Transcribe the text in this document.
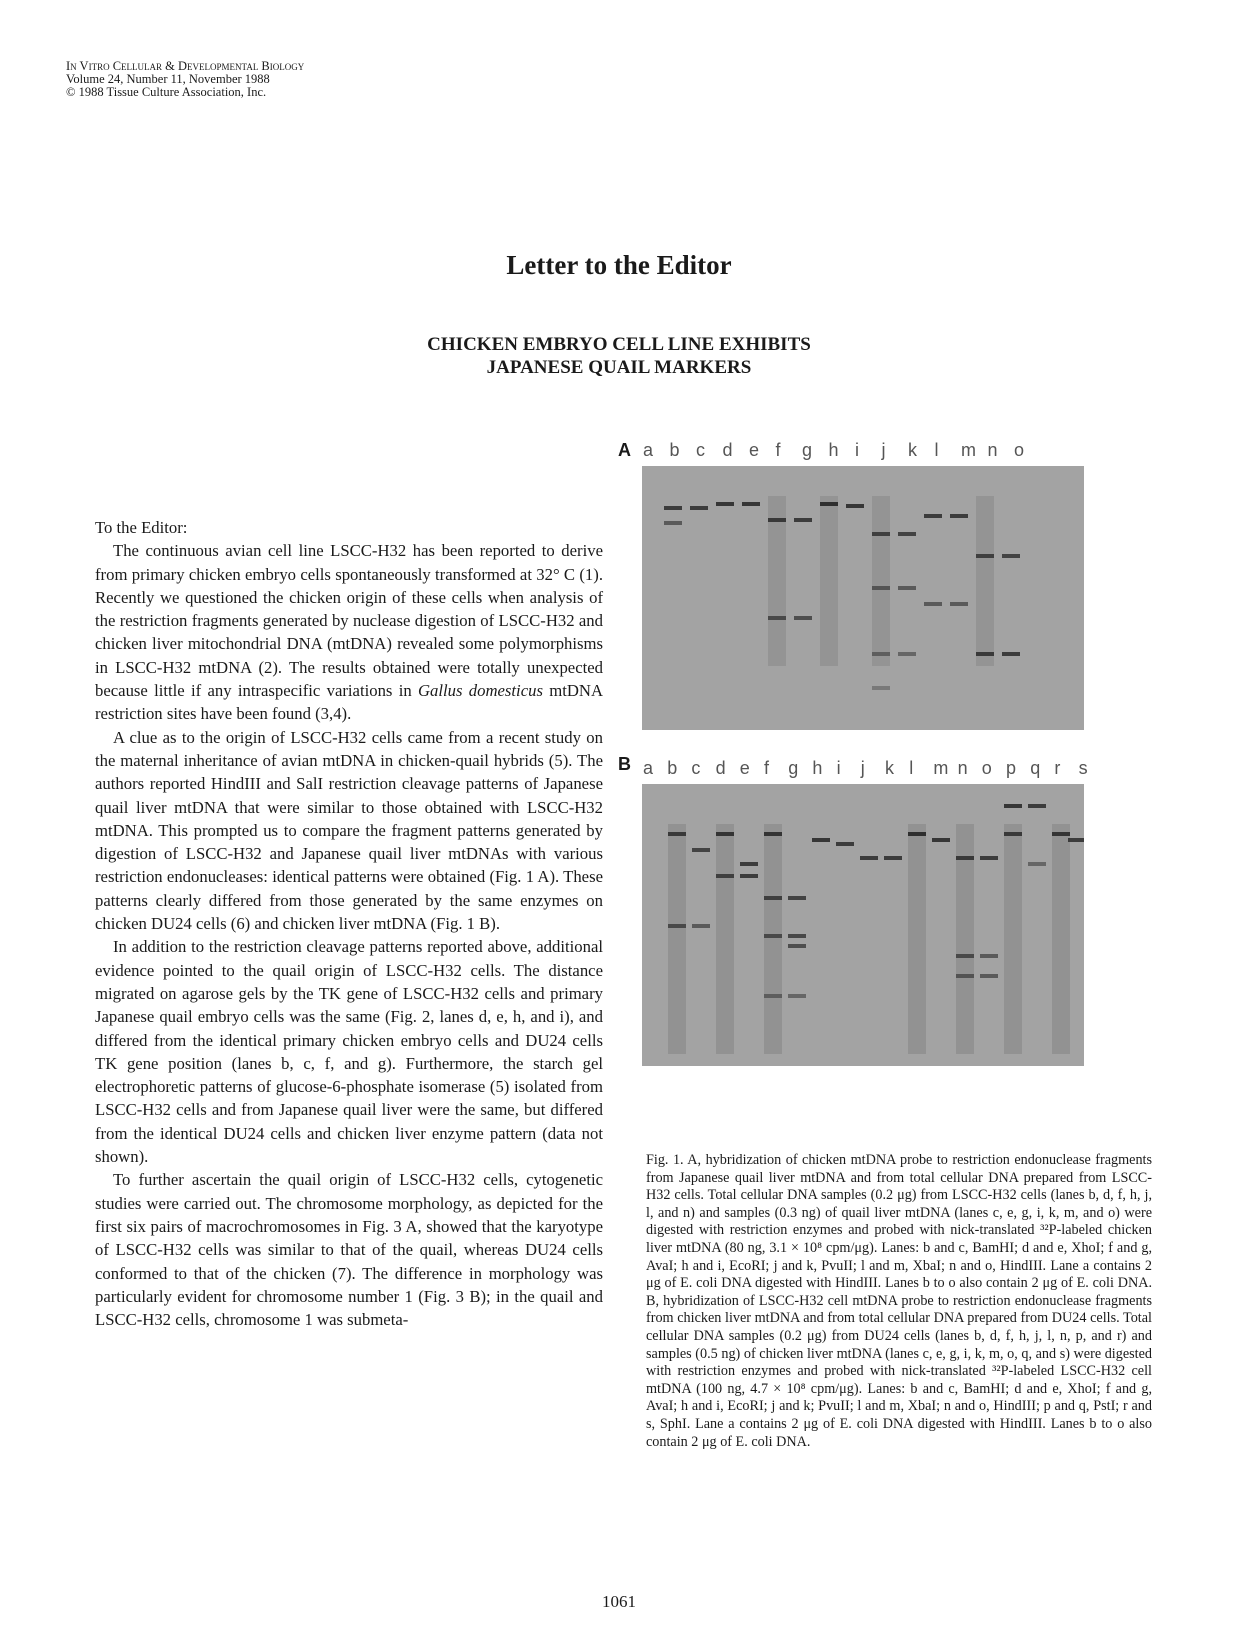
In Vitro Cellular & Developmental Biology
Volume 24, Number 11, November 1988
© 1988 Tissue Culture Association, Inc.
Letter to the Editor
CHICKEN EMBRYO CELL LINE EXHIBITS
JAPANESE QUAIL MARKERS

To the Editor:

The continuous avian cell line LSCC-H32 has been reported to derive from primary chicken embryo cells spontaneously transformed at 32° C (1). Recently we questioned the chicken origin of these cells when analysis of the restriction fragments generated by nuclease digestion of LSCC-H32 and chicken liver mitochondrial DNA (mtDNA) revealed some polymorphisms in LSCC-H32 mtDNA (2). The results obtained were totally unexpected because little if any intraspecific variations in Gallus domesticus mtDNA restriction sites have been found (3,4).

A clue as to the origin of LSCC-H32 cells came from a recent study on the maternal inheritance of avian mtDNA in chicken-quail hybrids (5). The authors reported HindIII and SalI restriction cleavage patterns of Japanese quail liver mtDNA that were similar to those obtained with LSCC-H32 mtDNA. This prompted us to compare the fragment patterns generated by digestion of LSCC-H32 and Japanese quail liver mtDNAs with various restriction endonucleases: identical patterns were obtained (Fig. 1 A). These patterns clearly differed from those generated by the same enzymes on chicken DU24 cells (6) and chicken liver mtDNA (Fig. 1 B).

In addition to the restriction cleavage patterns reported above, additional evidence pointed to the quail origin of LSCC-H32 cells. The distance migrated on agarose gels by the TK gene of LSCC-H32 cells and primary Japanese quail embryo cells was the same (Fig. 2, lanes d, e, h, and i), and differed from the identical primary chicken embryo cells and DU24 cells TK gene position (lanes b, c, f, and g). Furthermore, the starch gel electrophoretic patterns of glucose-6-phosphate isomerase (5) isolated from LSCC-H32 cells and from Japanese quail liver were the same, but differed from the identical DU24 cells and chicken liver enzyme pattern (data not shown).

To further ascertain the quail origin of LSCC-H32 cells, cytogenetic studies were carried out. The chromosome morphology, as depicted for the first six pairs of macrochromosomes in Fig. 3 A, showed that the karyotype of LSCC-H32 cells was similar to that of the quail, whereas DU24 cells conformed to that of the chicken (7). The difference in morphology was particularly evident for chromosome number 1 (Fig. 3 B); in the quail and LSCC-H32 cells, chromosome 1 was submeta-

A a b c d e f g h i j k l m n o
B a b c d e f g h i j k l m n o p q r s
Fig. 1. A, hybridization of chicken mtDNA probe to restriction endonuclease fragments from Japanese quail liver mtDNA and from total cellular DNA prepared from LSCC-H32 cells. Total cellular DNA samples (0.2 μg) from LSCC-H32 cells (lanes b, d, f, h, j, l, and n) and samples (0.3 ng) of quail liver mtDNA (lanes c, e, g, i, k, m, and o) were digested with restriction enzymes and probed with nick-translated ³²P-labeled chicken liver mtDNA (80 ng, 3.1 × 10⁸ cpm/μg). Lanes: b and c, BamHI; d and e, XhoI; f and g, AvaI; h and i, EcoRI; j and k, PvuII; l and m, XbaI; n and o, HindIII. Lane a contains 2 μg of E. coli DNA digested with HindIII. Lanes b to o also contain 2 μg of E. coli DNA. B, hybridization of LSCC-H32 cell mtDNA probe to restriction endonuclease fragments from chicken liver mtDNA and from total cellular DNA prepared from DU24 cells. Total cellular DNA samples (0.2 μg) from DU24 cells (lanes b, d, f, h, j, l, n, p, and r) and samples (0.5 ng) of chicken liver mtDNA (lanes c, e, g, i, k, m, o, q, and s) were digested with restriction enzymes and probed with nick-translated ³²P-labeled LSCC-H32 cell mtDNA (100 ng, 4.7 × 10⁸ cpm/μg). Lanes: b and c, BamHI; d and e, XhoI; f and g, AvaI; h and i, EcoRI; j and k; PvuII; l and m, XbaI; n and o, HindIII; p and q, PstI; r and s, SphI. Lane a contains 2 μg of E. coli DNA digested with HindIII. Lanes b to o also contain 2 μg of E. coli DNA.
1061
